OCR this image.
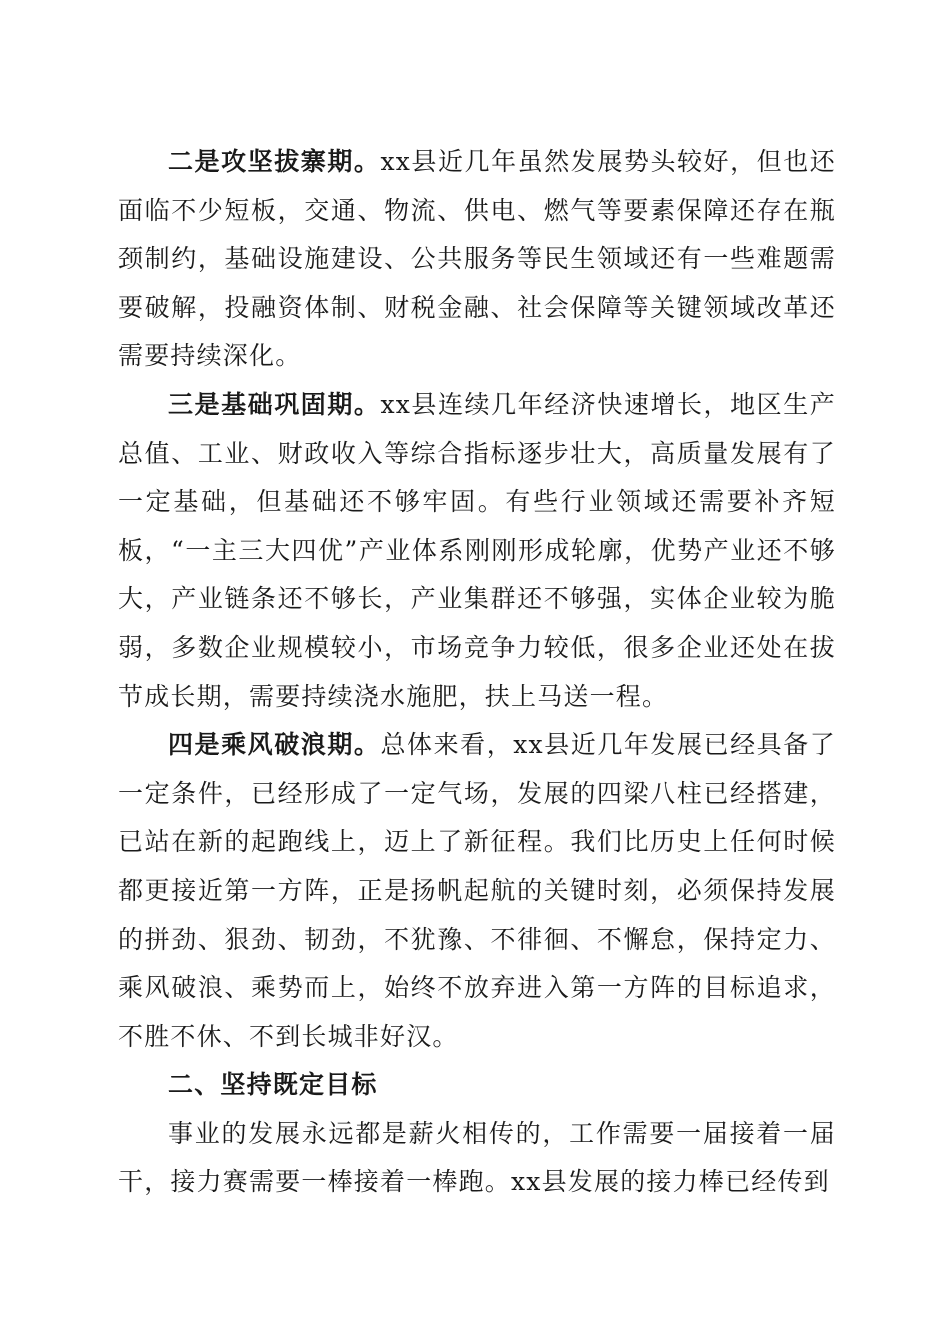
二是攻坚拔寨期。xx县近几年虽然发展势头较好，但也还面临不少短板，交通、物流、供电、燃气等要素保障还存在瓶颈制约，基础设施建设、公共服务等民生领域还有一些难题需要破解，投融资体制、财税金融、社会保障等关键领域改革还需要持续深化。

三是基础巩固期。xx县连续几年经济快速增长，地区生产总值、工业、财政收入等综合指标逐步壮大，高质量发展有了一定基础，但基础还不够牢固。有些行业领域还需要补齐短板，“一主三大四优”产业体系刚刚形成轮廓，优势产业还不够大，产业链条还不够长，产业集群还不够强，实体企业较为脆弱，多数企业规模较小，市场竞争力较低，很多企业还处在拔节成长期，需要持续浇水施肥，扶上马送一程。

四是乘风破浪期。总体来看，xx县近几年发展已经具备了一定条件，已经形成了一定气场，发展的四梁八柱已经搭建，已站在新的起跑线上，迈上了新征程。我们比历史上任何时候都更接近第一方阵，正是扬帆起航的关键时刻，必须保持发展的拼劲、狠劲、韧劲，不犹豫、不徘徊、不懈怠，保持定力、乘风破浪、乘势而上，始终不放弃进入第一方阵的目标追求，不胜不休、不到长城非好汉。

二、坚持既定目标

事业的发展永远都是薪火相传的，工作需要一届接着一届干，接力赛需要一棒接着一棒跑。xx县发展的接力棒已经传到
